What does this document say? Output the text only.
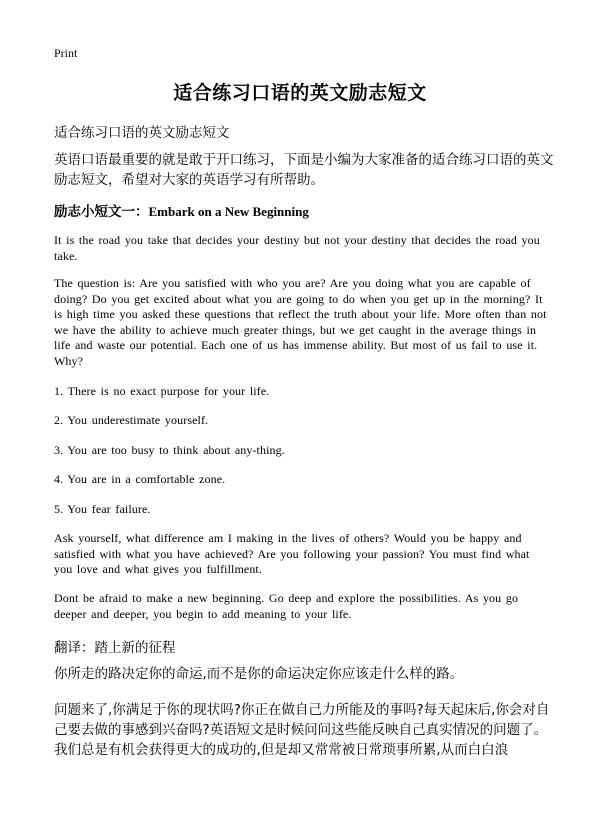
Print
适合练习口语的英文励志短文
适合练习口语的英文励志短文

英语口语最重要的就是敢于开口练习，下面是小编为大家准备的适合练习口语的英文励志短文，希望对大家的英语学习有所帮助。

励志小短文一：Embark on a New Beginning

It is the road you take that decides your destiny but not your destiny that decides the road you take.

The question is: Are you satisfied with who you are? Are you doing what you are capable of doing? Do you get excited about what you are going to do when you get up in the morning? It is high time you asked these questions that reflect the truth about your life. More often than not we have the ability to achieve much greater things, but we get caught in the average things in life and waste our potential. Each one of us has immense ability. But most of us fail to use it. Why?

1. There is no exact purpose for your life.

2. You underestimate yourself.

3. You are too busy to think about any-thing.

4. You are in a comfortable zone.

5. You fear failure.

Ask yourself, what difference am I making in the lives of others? Would you be happy and satisfied with what you have achieved? Are you following your passion? You must find what you love and what gives you fulfillment.

Dont be afraid to make a new beginning. Go deep and explore the possibilities. As you go deeper and deeper, you begin to add meaning to your life.

翻译：踏上新的征程

你所走的路决定你的命运,而不是你的命运决定你应该走什么样的路。

问题来了,你满足于你的现状吗?你正在做自己力所能及的事吗?每天起床后,你会对自己要去做的事感到兴奋吗?英语短文是时候问问这些能反映自己真实情况的问题了。我们总是有机会获得更大的成功的,但是却又常常被日常琐事所累,从而白白浪
